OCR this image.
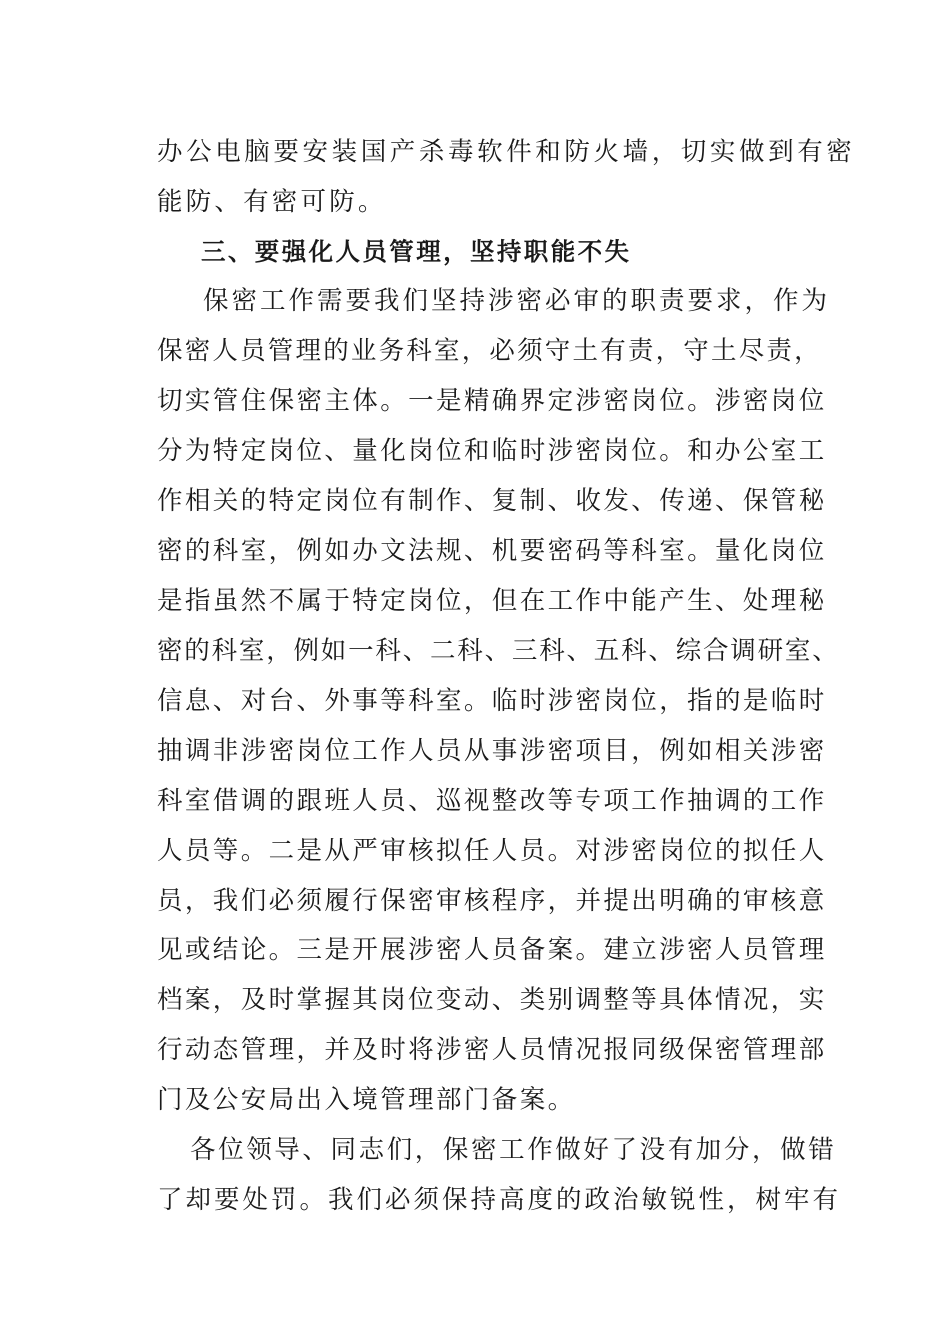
办公电脑要安装国产杀毒软件和防火墙，切实做到有密
能防、有密可防。
三、要强化人员管理，坚持职能不失
保密工作需要我们坚持涉密必审的职责要求，作为
保密人员管理的业务科室，必须守土有责，守土尽责，
切实管住保密主体。一是精确界定涉密岗位。涉密岗位
分为特定岗位、量化岗位和临时涉密岗位。和办公室工
作相关的特定岗位有制作、复制、收发、传递、保管秘
密的科室，例如办文法规、机要密码等科室。量化岗位
是指虽然不属于特定岗位，但在工作中能产生、处理秘
密的科室，例如一科、二科、三科、五科、综合调研室、
信息、对台、外事等科室。临时涉密岗位，指的是临时
抽调非涉密岗位工作人员从事涉密项目，例如相关涉密
科室借调的跟班人员、巡视整改等专项工作抽调的工作
人员等。二是从严审核拟任人员。对涉密岗位的拟任人
员，我们必须履行保密审核程序，并提出明确的审核意
见或结论。三是开展涉密人员备案。建立涉密人员管理
档案，及时掌握其岗位变动、类别调整等具体情况，实
行动态管理，并及时将涉密人员情况报同级保密管理部
门及公安局出入境管理部门备案。
各位领导、同志们，保密工作做好了没有加分，做错
了却要处罚。我们必须保持高度的政治敏锐性，树牢有
